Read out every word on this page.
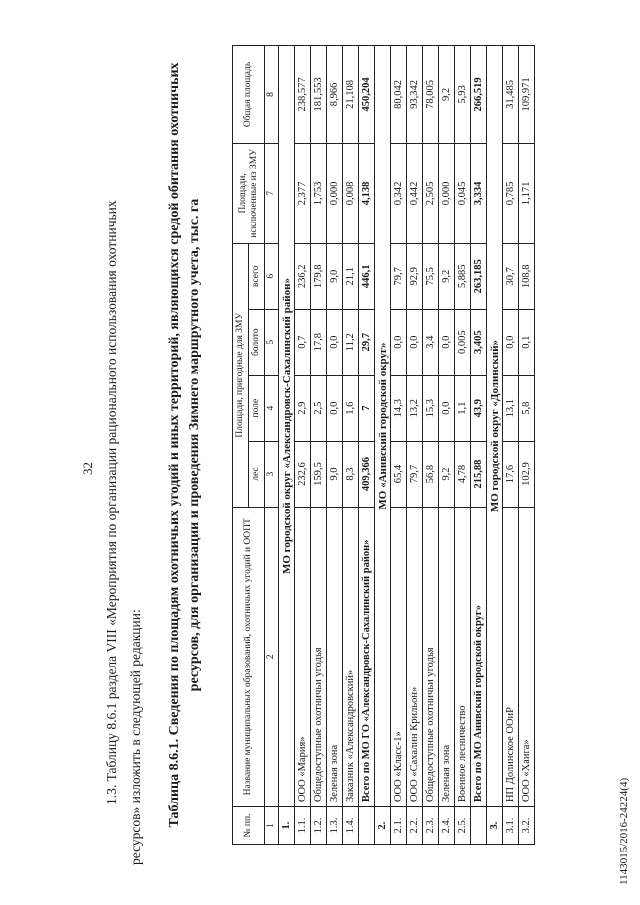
32 1.3. Таблицу 8.6.1 раздела VIII «Мероприятия по организации рационального использования охотничьих ресурсов» изложить в следующей редакции:	Таблица 8.6.1. Сведения по площадям охотничьих угодий и иных территорий, являющихся средой обитания охотничьих ресурсов, для организации и проведения Зимнего маршрутного учета, тыс. га
№ пп.	Название муниципальных образований, охотничьих угодий и ООПТ	Площади, пригодные для ЗМУ				Площади, исключенные из ЗМУ	Общая площадь
		лес	поле	болото	всего		
1	2	3	4	5	6	7	8
1.	МО городской округ «Александровск-Сахалинский район»						
1.1.	ООО «Мария»	232,6	2,9	0,7	236,2	2,377	238,577
1.2.	Общедоступные охотничьи угодья	159,5	2,5	17,8	179,8	1,753	181,553
1.3.	Зеленая зона	9,0	0,0	0,0	9,0	0,000	8,966
1.4.	Заказник «Александровский»	8,3	1,6	11,2	21,1	0,008	21,108
	Всего по МО ГО «Александровск-Сахалинский район»	409,366	7	29,7	446,1	4,138	450,204
2.	МО «Анивский городской округ»						
2.1.	ООО «Класс-1»	65,4	14,3	0,0	79,7	0,342	80,042
2.2.	ООО «Сахалин Крильон»	79,7	13,2	0,0	92,9	0,442	93,342
2.3.	Общедоступные охотничьи угодья	56,8	15,3	3,4	75,5	2,505	78,005
2.4.	Зеленая зона	9,2	0,0	0,0	9,2	0,000	9,2
2.5.	Военное лесничество	4,78	1,1	0,005	5,885	0,045	5,93
	Всего по МО Анивский городской округ»	215,88	43,9	3,405	263,185	3,334	266,519
3.	МО городской округ «Долинский»						
3.1.	НП Долинское ООиР	17,6	13,1	0,0	30,7	0,785	31,485
3.2.	ООО «Хаига»	102,9	5,8	0,1	108,8	1,171	109,971
1143015/2016-24224(4)
